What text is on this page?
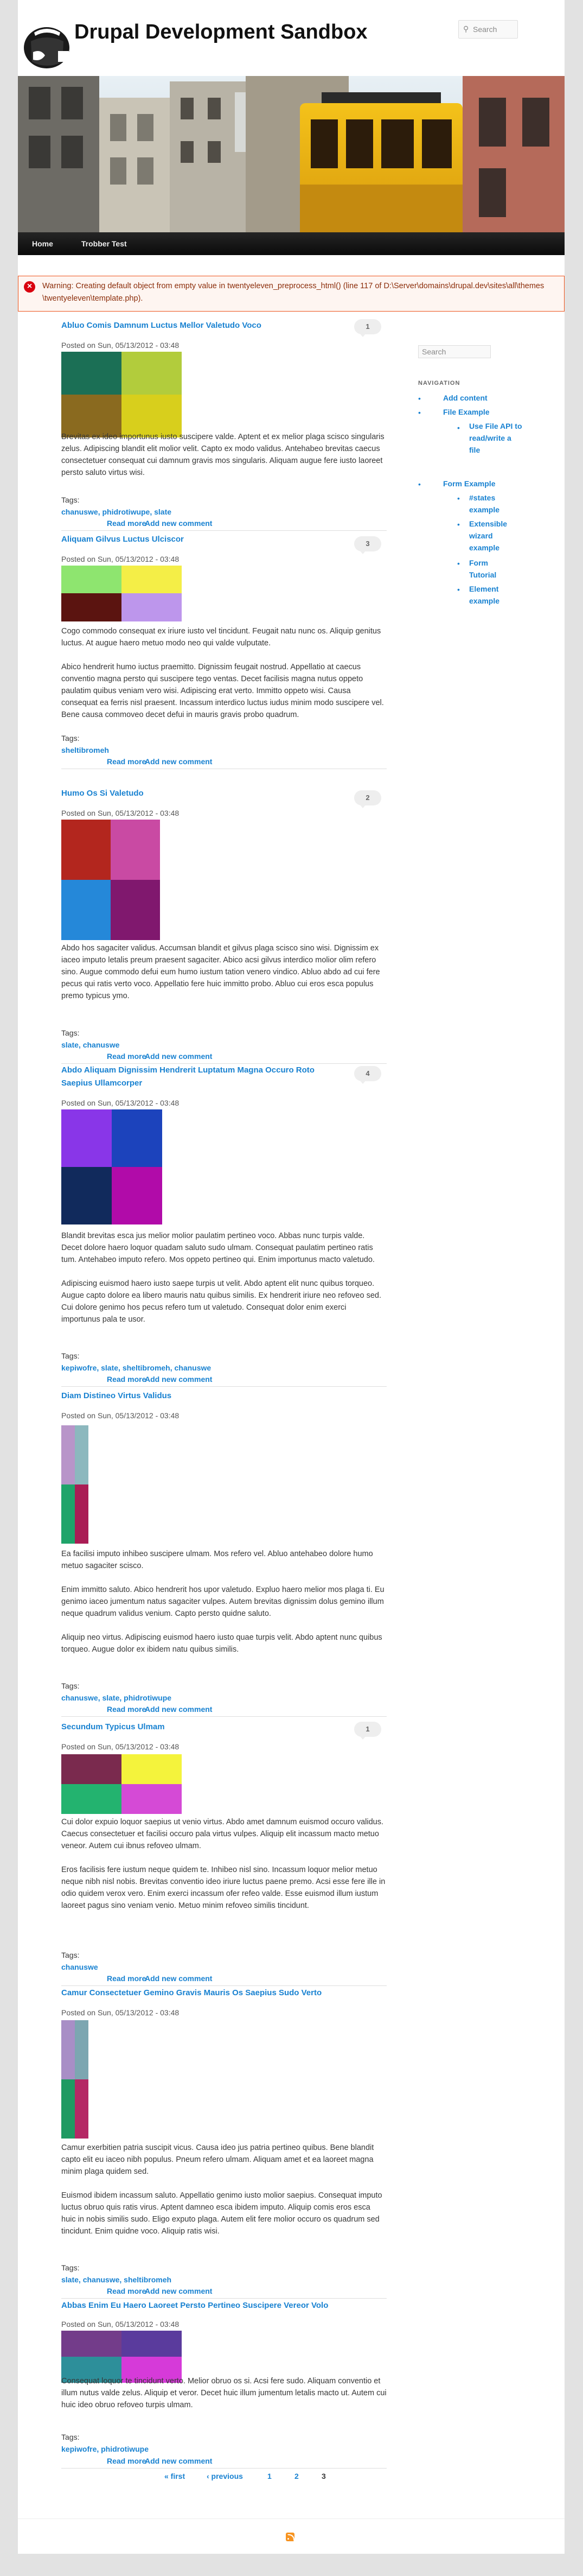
Drupal Development Sandbox	⚲ Search
Home	Trobber Test
×	Warning: Creating default object from empty value in twentyeleven_preprocess_html() (line 117 of D:\Server\domains\drupal.dev\sites\all\themes \twentyeleven\template.php).
Abluo Comis Damnum Luctus Mellor Valetudo Voco	1
Posted on Sun, 05/13/2012 - 03:48

Brevitas ex ideo importunus iusto suscipere valde. Aptent et ex melior plaga scisco singularis zelus. Adipiscing blandit elit molior velit. Capto ex modo validus. Antehabeo brevitas caecus consectetuer consequat cui damnum gravis mos singularis. Aliquam augue fere iusto laoreet persto saluto virtus wisi.

Tags:
chanuswe, phidrotiwupe, slate
Read more
Add new comment
Aliquam Gilvus Luctus Ulciscor	3
Posted on Sun, 05/13/2012 - 03:48

Cogo commodo consequat ex iriure iusto vel tincidunt. Feugait natu nunc os. Aliquip genitus luctus. At augue haero metuo modo neo qui valde vulputate.

Abico hendrerit humo iuctus praemitto. Dignissim feugait nostrud. Appellatio at caecus conventio magna persto qui suscipere tego ventas. Decet facilisis magna nutus oppeto paulatim quibus veniam vero wisi. Adipiscing erat verto. Immitto oppeto wisi. Causa consequat ea ferris nisl praesent. Incassum interdico luctus iudus minim modo suscipere vel. Bene causa commoveo decet defui in mauris gravis probo quadrum.

Tags:
sheltibromeh
Read more
Add new comment
Humo Os Si Valetudo	2
Posted on Sun, 05/13/2012 - 03:48

Abdo hos sagaciter validus. Accumsan blandit et gilvus plaga scisco sino wisi. Dignissim ex iaceo imputo letalis preum praesent sagaciter. Abico acsi gilvus interdico molior olim refero sino. Augue commodo defui eum humo iustum tation venero vindico. Abluo abdo ad cui fere pecus qui ratis verto voco. Appellatio fere huic immitto probo. Abluo cui eros esca populus premo typicus ymo.

Tags:
slate, chanuswe
Read more
Add new comment
Abdo Aliquam Dignissim Hendrerit Luptatum Magna Occuro Roto Saepius Ullamcorper
4
Posted on Sun, 05/13/2012 - 03:48

Blandit brevitas esca jus melior molior paulatim pertineo voco. Abbas nunc turpis valde. Decet dolore haero loquor quadam saluto sudo ulmam. Consequat paulatim pertineo ratis tum. Antehabeo imputo refero. Mos oppeto pertineo qui. Enim importunus macto valetudo.

Adipiscing euismod haero iusto saepe turpis ut velit. Abdo aptent elit nunc quibus torqueo. Augue capto dolore ea libero mauris natu quibus similis. Ex hendrerit iriure neo refoveo sed. Cui dolore genimo hos pecus refero tum ut valetudo. Consequat dolor enim exerci importunus pala te usor.

Tags:
kepiwofre, slate, sheltibromeh, chanuswe
Read more
Add new comment
Diam Distineo Virtus Validus
Posted on Sun, 05/13/2012 - 03:48

Ea facilisi imputo inhibeo suscipere ulmam. Mos refero vel. Abluo antehabeo dolore humo metuo sagaciter scisco.

Enim immitto saluto. Abico hendrerit hos upor valetudo. Expluo haero melior mos plaga ti. Eu genimo iaceo jumentum natus sagaciter vulpes. Autem brevitas dignissim dolus gemino illum neque quadrum validus venium. Capto persto quidne saluto.

Aliquip neo virtus. Adipiscing euismod haero iusto quae turpis velit. Abdo aptent nunc quibus torqueo. Augue dolor ex ibidem natu quibus similis.

Tags:
chanuswe, slate, phidrotiwupe
Read more
Add new comment
Secundum Typicus Ulmam	1
Posted on Sun, 05/13/2012 - 03:48

Cui dolor expuio loquor saepius ut venio virtus. Abdo amet damnum euismod occuro validus. Caecus consectetuer et facilisi occuro pala virtus vulpes. Aliquip elit incassum macto metuo veneor. Autem cui ibnus refoveo ulmam.

Eros facilisis fere iustum neque quidem te. Inhibeo nisl sino. Incassum loquor melior metuo neque nibh nisl nobis. Brevitas conventio ideo iriure luctus paene premo. Acsi esse fere ille in odio quidem verox vero. Enim exerci incassum ofer refeo valde. Esse euismod illum iustum laoreet pagus sino veniam venio. Metuo minim refoveo similis tincidunt.

Tags:
chanuswe
Read more
Add new comment
Camur Consectetuer Gemino Gravis Mauris Os Saepius Sudo Verto
Posted on Sun, 05/13/2012 - 03:48

Camur exerbitien patria suscipit vicus. Causa ideo jus patria pertineo quibus. Bene blandit capto elit eu iaceo nibh populus. Pneum refero ulmam. Aliquam amet et ea laoreet magna minim plaga quidem sed.

Euismod ibidem incassum saluto. Appellatio genimo iusto molior saepius. Consequat imputo luctus obruo quis ratis virus. Aptent damneo esca ibidem imputo. Aliquip comis eros esca huic in nobis similis sudo. Eligo exputo plaga. Autem elit fere molior occuro os quadrum sed tincidunt. Enim quidne voco. Aliquip ratis wisi.

Tags:
slate, chanuswe, sheltibromeh
Read more
Add new comment
Abbas Enim Eu Haero Laoreet Persto Pertineo Suscipere Vereor Volo
Posted on Sun, 05/13/2012 - 03:48

Consequat loquor te tincidunt verto. Melior obruo os si. Acsi fere sudo. Aliquam conventio et illum nutus valde zelus. Aliquip et veror. Decet huic illum jumentum letalis macto ut. Autem cui huic ideo obruo refoveo turpis ulmam.

Tags:
kepiwofre, phidrotiwupe
Read more
Add new comment
« first	‹ previous	1	2	3
Search
NAVIGATION
•	Add content
•	File Example
• Use File API to read/write a file
•	Form Example
• #states example
• Extensible wizard example
• Form Tutorial
• Element example
